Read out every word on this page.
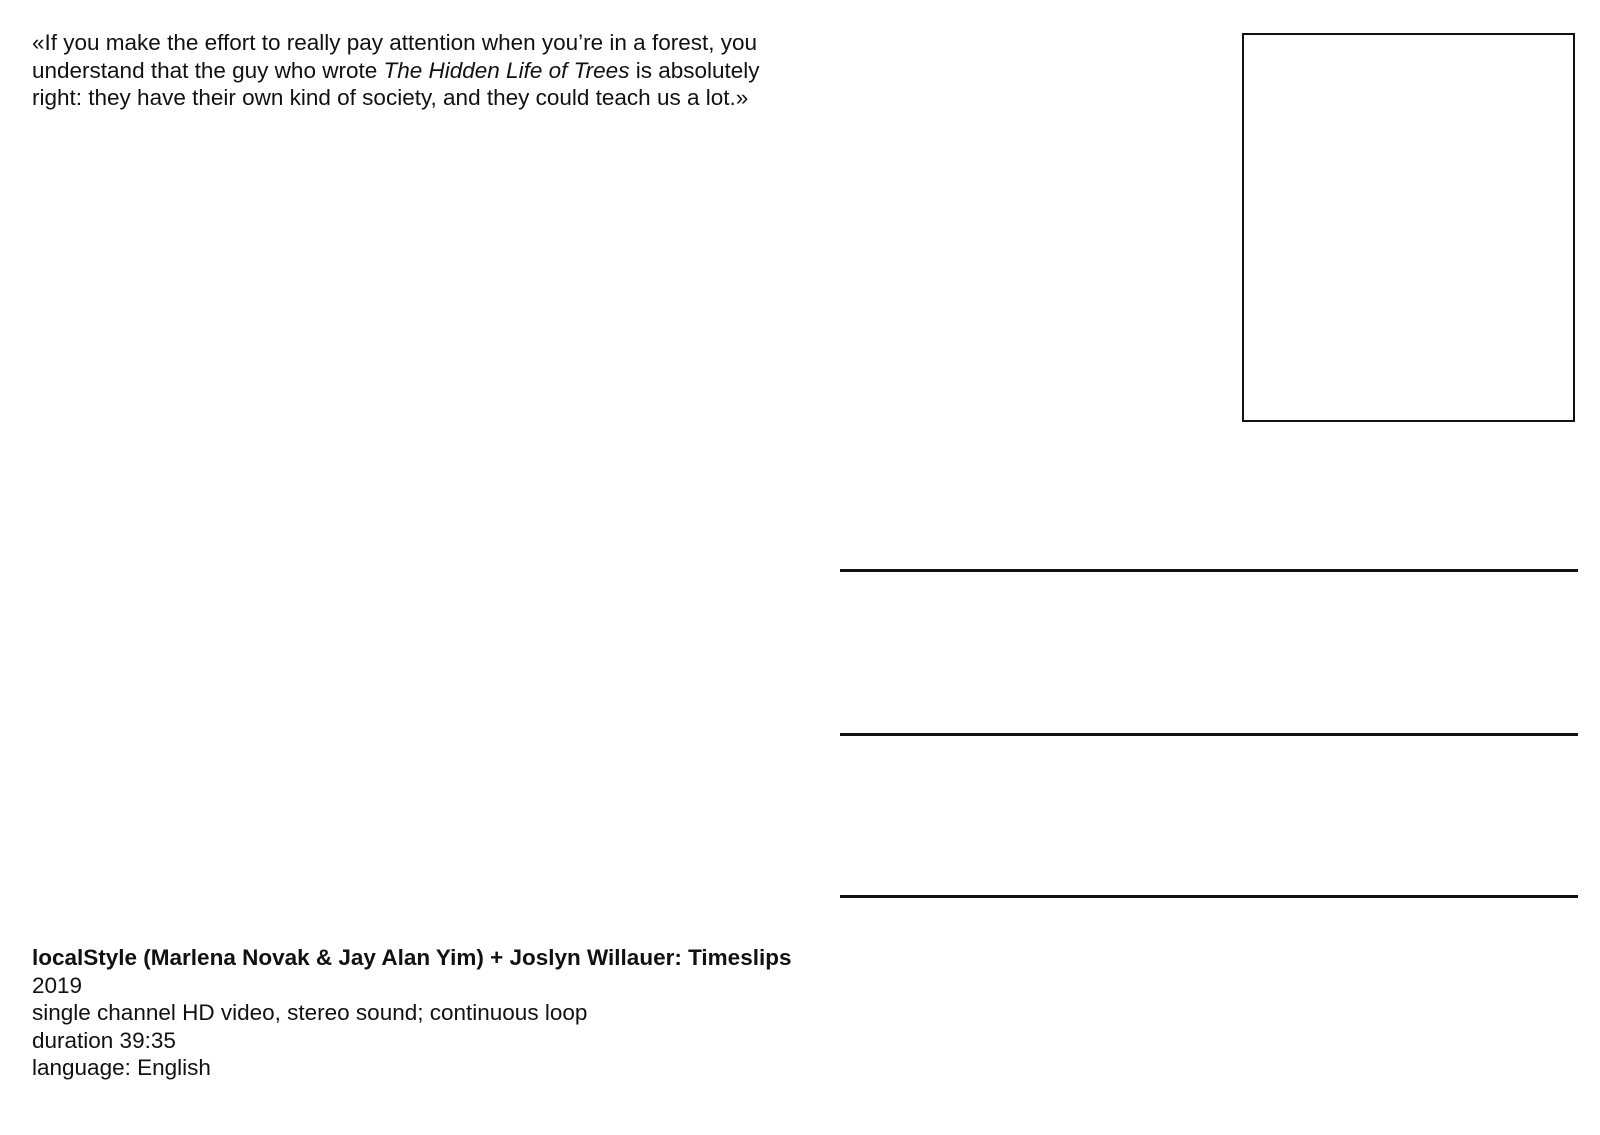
«If you make the effort to really pay attention when you’re in a forest, you understand that the guy who wrote The Hidden Life of Trees is absolutely right: they have their own kind of society, and they could teach us a lot.»

localStyle (Marlena Novak & Jay Alan Yim) + Joslyn Willauer: Timeslips

2019

single channel HD video, stereo sound; continuous loop

duration 39:35

language: English
